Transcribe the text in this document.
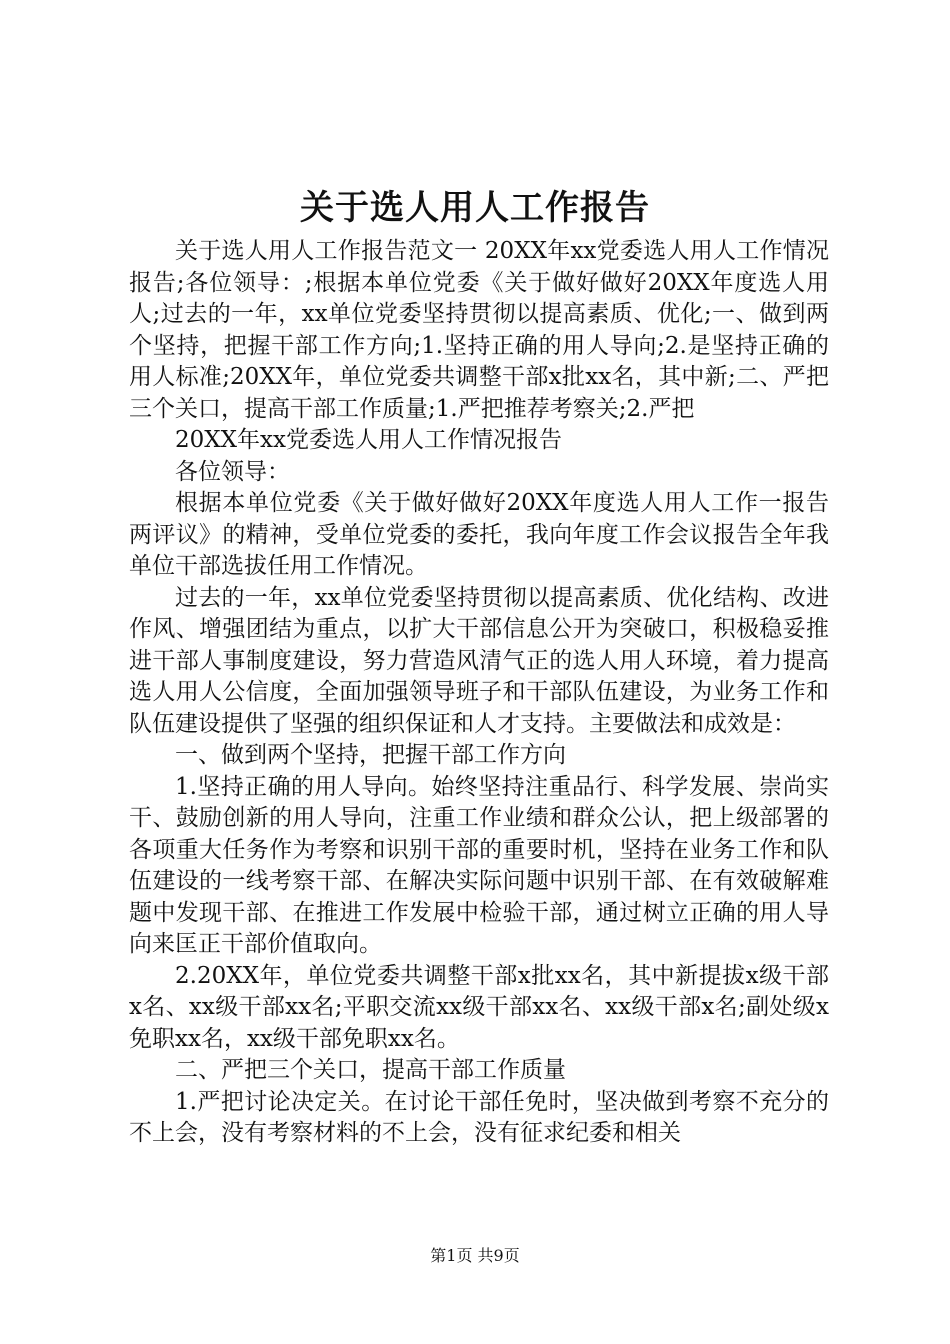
关于选人用人工作报告

关于选人用人工作报告范文一 20XX年xx党委选人用人工作情况报告;各位领导：;根据本单位党委《关于做好做好20XX年度选人用人;过去的一年，xx单位党委坚持贯彻以提高素质、优化;一、做到两个坚持，把握干部工作方向;1.坚持正确的用人导向;2.是坚持正确的用人标准;20XX年，单位党委共调整干部x批xx名，其中新;二、严把三个关口，提高干部工作质量;1.严把推荐考察关;2.严把

20XX年xx党委选人用人工作情况报告

各位领导：

根据本单位党委《关于做好做好20XX年度选人用人工作一报告两评议》的精神，受单位党委的委托，我向年度工作会议报告全年我单位干部选拔任用工作情况。

过去的一年，xx单位党委坚持贯彻以提高素质、优化结构、改进作风、增强团结为重点，以扩大干部信息公开为突破口，积极稳妥推进干部人事制度建设，努力营造风清气正的选人用人环境，着力提高选人用人公信度，全面加强领导班子和干部队伍建设，为业务工作和队伍建设提供了坚强的组织保证和人才支持。主要做法和成效是：

一、做到两个坚持，把握干部工作方向

1.坚持正确的用人导向。始终坚持注重品行、科学发展、崇尚实干、鼓励创新的用人导向，注重工作业绩和群众公认，把上级部署的各项重大任务作为考察和识别干部的重要时机，坚持在业务工作和队伍建设的一线考察干部、在解决实际问题中识别干部、在有效破解难题中发现干部、在推进工作发展中检验干部，通过树立正确的用人导向来匡正干部价值取向。

2.20XX年，单位党委共调整干部x批xx名，其中新提拔x级干部x名、xx级干部xx名;平职交流xx级干部xx名、xx级干部x名;副处级x免职xx名，xx级干部免职xx名。

二、严把三个关口，提高干部工作质量

1.严把讨论决定关。在讨论干部任免时，坚决做到考察不充分的不上会，没有考察材料的不上会，没有征求纪委和相关

第1页 共9页
